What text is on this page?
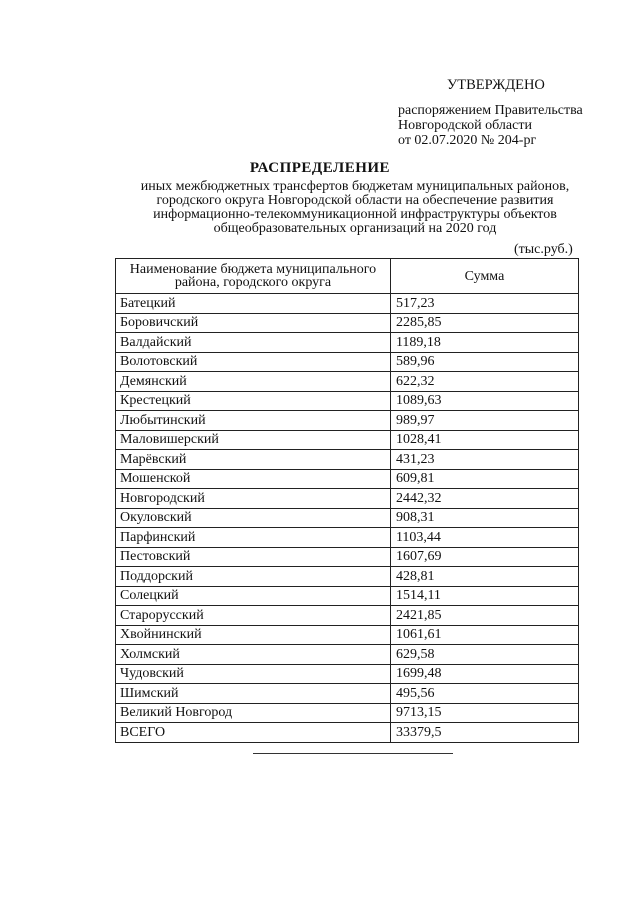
УТВЕРЖДЕНО
распоряжением Правительства
Новгородской области
от 02.07.2020 № 204-рг
РАСПРЕДЕЛЕНИЕ
иных межбюджетных трансфертов бюджетам муниципальных районов,
городского округа Новгородской области на обеспечение развития
информационно-телекоммуникационной инфраструктуры объектов
общеобразовательных организаций на 2020 год
(тыс.руб.)
Наименование бюджета муниципального района, городского округа	Сумма
Батецкий	517,23
Боровичский	2285,85
Валдайский	1189,18
Волотовский	589,96
Демянский	622,32
Крестецкий	1089,63
Любытинский	989,97
Маловишерский	1028,41
Марёвский	431,23
Мошенской	609,81
Новгородский	2442,32
Окуловский	908,31
Парфинский	1103,44
Пестовский	1607,69
Поддорский	428,81
Солецкий	1514,11
Старорусский	2421,85
Хвойнинский	1061,61
Холмский	629,58
Чудовский	1699,48
Шимский	495,56
Великий Новгород	9713,15
ВСЕГО	33379,5
